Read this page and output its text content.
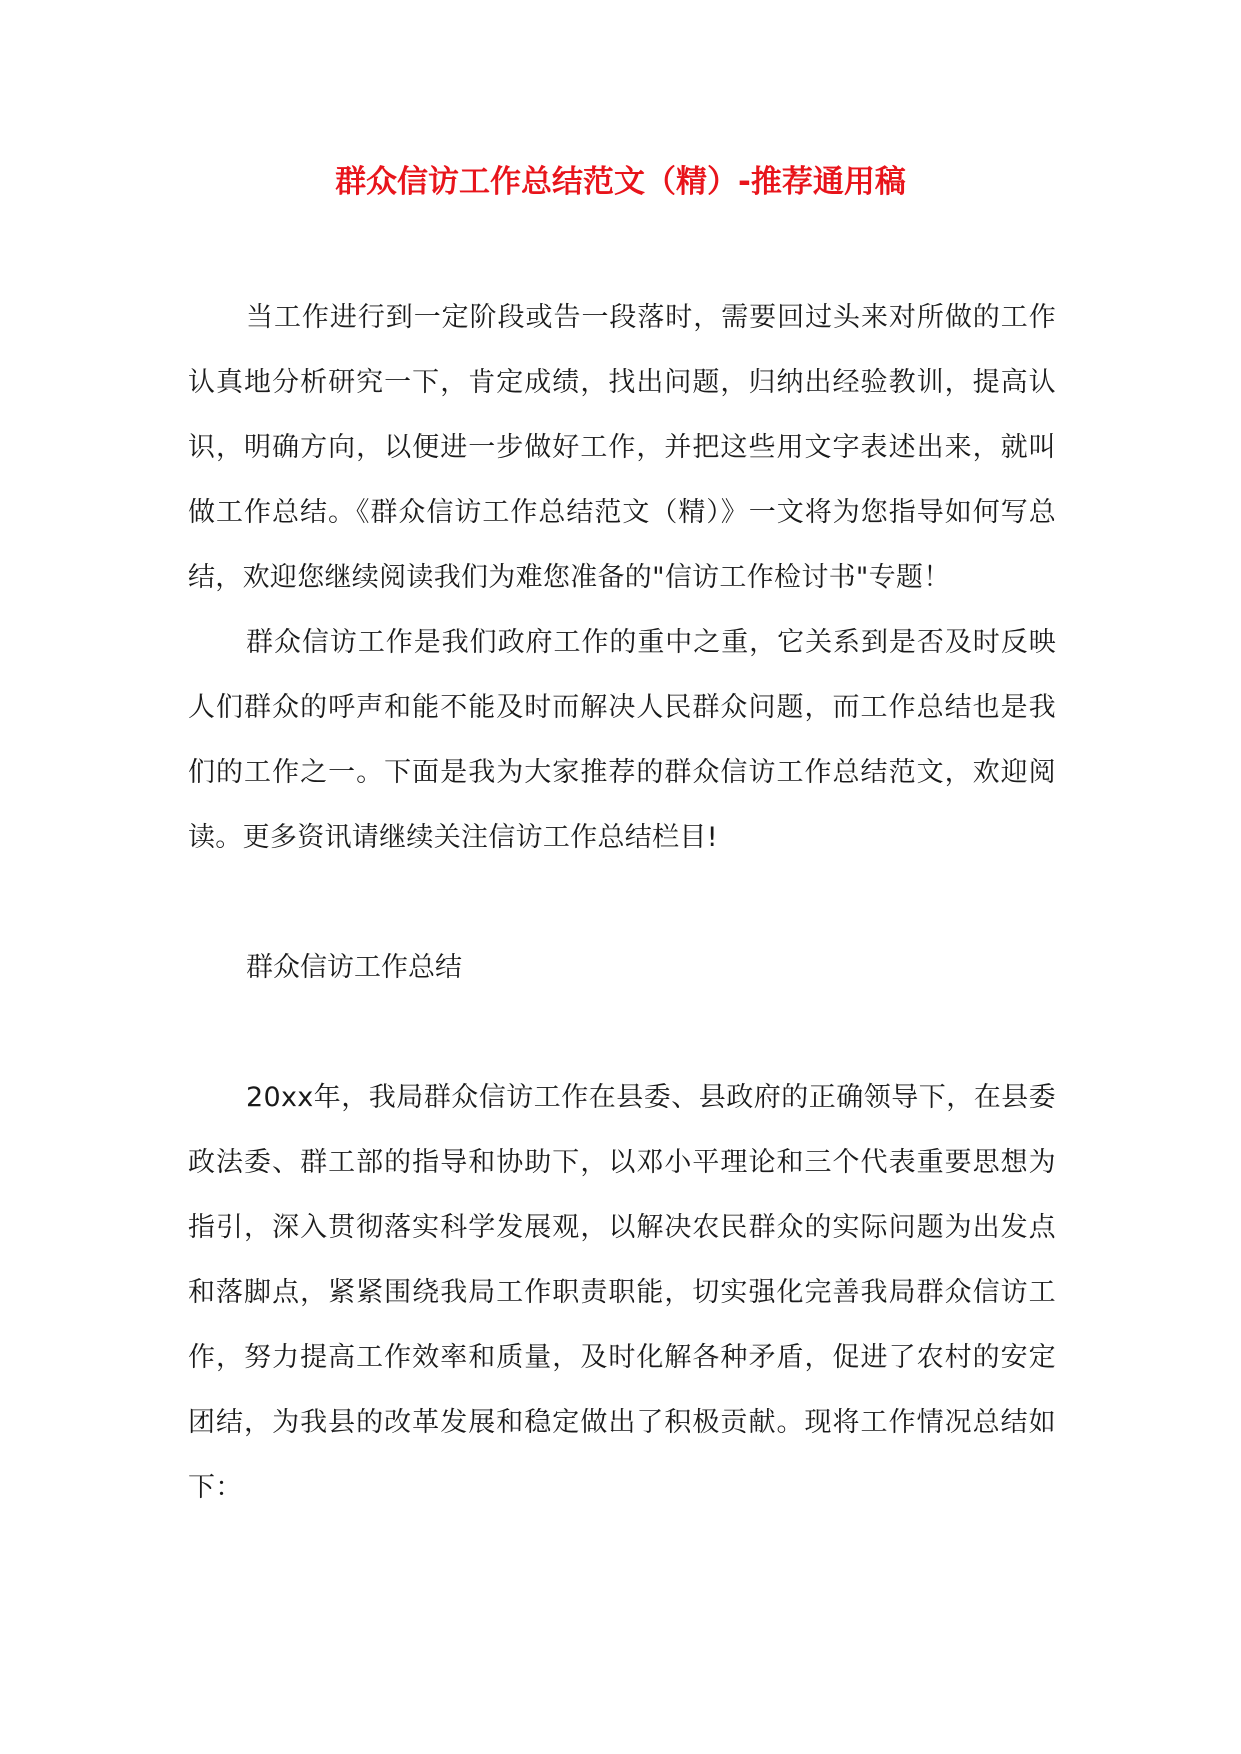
群众信访工作总结范文（精）-推荐通用稿

当工作进行到一定阶段或告一段落时，需要回过头来对所做的工作认真地分析研究一下，肯定成绩，找出问题，归纳出经验教训，提高认识，明确方向，以便进一步做好工作，并把这些用文字表述出来，就叫做工作总结。《群众信访工作总结范文（精）》一文将为您指导如何写总结，欢迎您继续阅读我们为难您准备的"信访工作检讨书"专题！

群众信访工作是我们政府工作的重中之重，它关系到是否及时反映人们群众的呼声和能不能及时而解决人民群众问题，而工作总结也是我们的工作之一。下面是我为大家推荐的群众信访工作总结范文，欢迎阅读。更多资讯请继续关注信访工作总结栏目!

群众信访工作总结

20xx年，我局群众信访工作在县委、县政府的正确领导下，在县委政法委、群工部的指导和协助下，以邓小平理论和三个代表重要思想为指引，深入贯彻落实科学发展观，以解决农民群众的实际问题为出发点和落脚点，紧紧围绕我局工作职责职能，切实强化完善我局群众信访工作，努力提高工作效率和质量，及时化解各种矛盾，促进了农村的安定团结，为我县的改革发展和稳定做出了积极贡献。现将工作情况总结如下：
